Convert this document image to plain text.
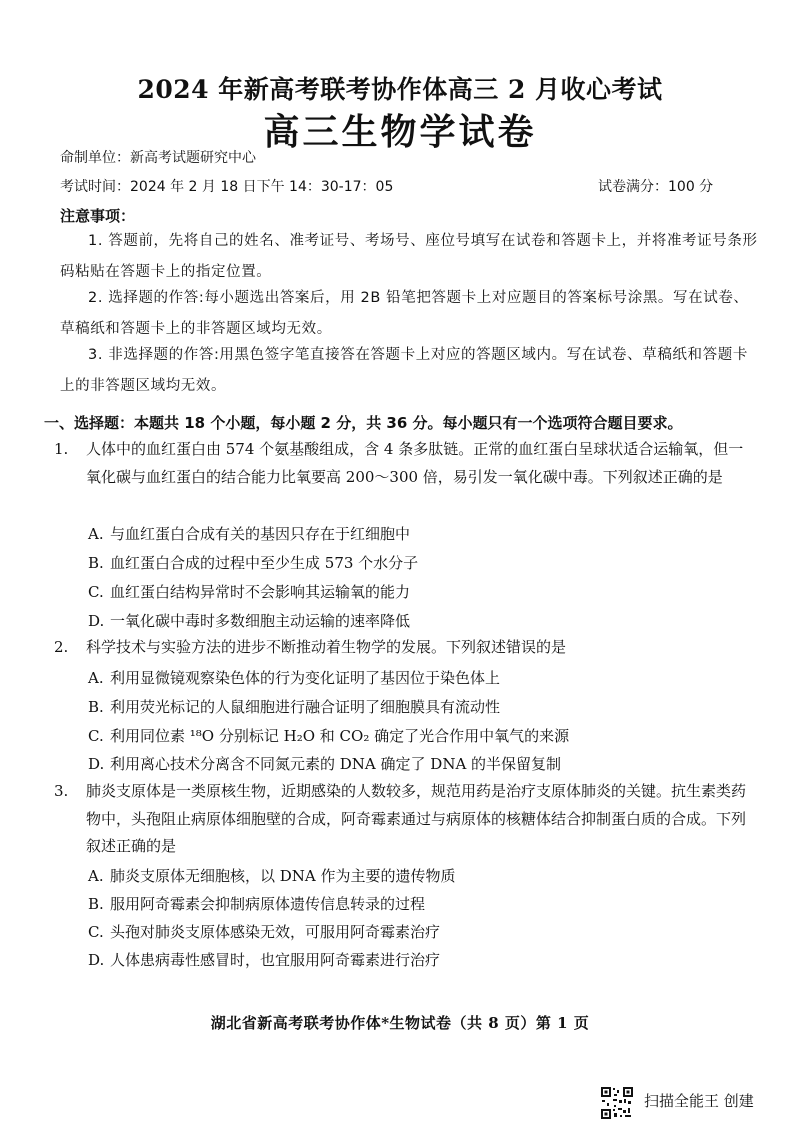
2024 年新高考联考协作体高三 2 月收心考试
高三生物学试卷
命制单位：新高考试题研究中心
考试时间：2024 年 2 月 18 日下午 14：30-17：05	试卷满分：100 分
注意事项：
1. 答题前，先将自己的姓名、准考证号、考场号、座位号填写在试卷和答题卡上，并将准考证号条形码粘贴在答题卡上的指定位置。
2. 选择题的作答:每小题选出答案后，用 2B 铅笔把答题卡上对应题目的答案标号涂黑。写在试卷、草稿纸和答题卡上的非答题区域均无效。
3. 非选择题的作答:用黑色签字笔直接答在答题卡上对应的答题区域内。写在试卷、草稿纸和答题卡上的非答题区域均无效。
一、选择题：本题共 18 个小题，每小题 2 分，共 36 分。每小题只有一个选项符合题目要求。
1. 人体中的血红蛋白由 574 个氨基酸组成，含 4 条多肽链。正常的血红蛋白呈球状适合运输氧，但一氧化碳与血红蛋白的结合能力比氧要高 200～300 倍，易引发一氧化碳中毒。下列叙述正确的是
A. 与血红蛋白合成有关的基因只存在于红细胞中
B. 血红蛋白合成的过程中至少生成 573 个水分子
C. 血红蛋白结构异常时不会影响其运输氧的能力
D. 一氧化碳中毒时多数细胞主动运输的速率降低
2. 科学技术与实验方法的进步不断推动着生物学的发展。下列叙述错误的是
A. 利用显微镜观察染色体的行为变化证明了基因位于染色体上
B. 利用荧光标记的人鼠细胞进行融合证明了细胞膜具有流动性
C. 利用同位素 ¹⁸O 分别标记 H₂O 和 CO₂ 确定了光合作用中氧气的来源
D. 利用离心技术分离含不同氮元素的 DNA 确定了 DNA 的半保留复制
3. 肺炎支原体是一类原核生物，近期感染的人数较多，规范用药是治疗支原体肺炎的关键。抗生素类药物中，头孢阻止病原体细胞壁的合成，阿奇霉素通过与病原体的核糖体结合抑制蛋白质的合成。下列叙述正确的是
A. 肺炎支原体无细胞核，以 DNA 作为主要的遗传物质
B. 服用阿奇霉素会抑制病原体遗传信息转录的过程
C. 头孢对肺炎支原体感染无效，可服用阿奇霉素治疗
D. 人体患病毒性感冒时，也宜服用阿奇霉素进行治疗
湖北省新高考联考协作体*生物试卷（共 8 页）第 1 页
扫描全能王 创建
